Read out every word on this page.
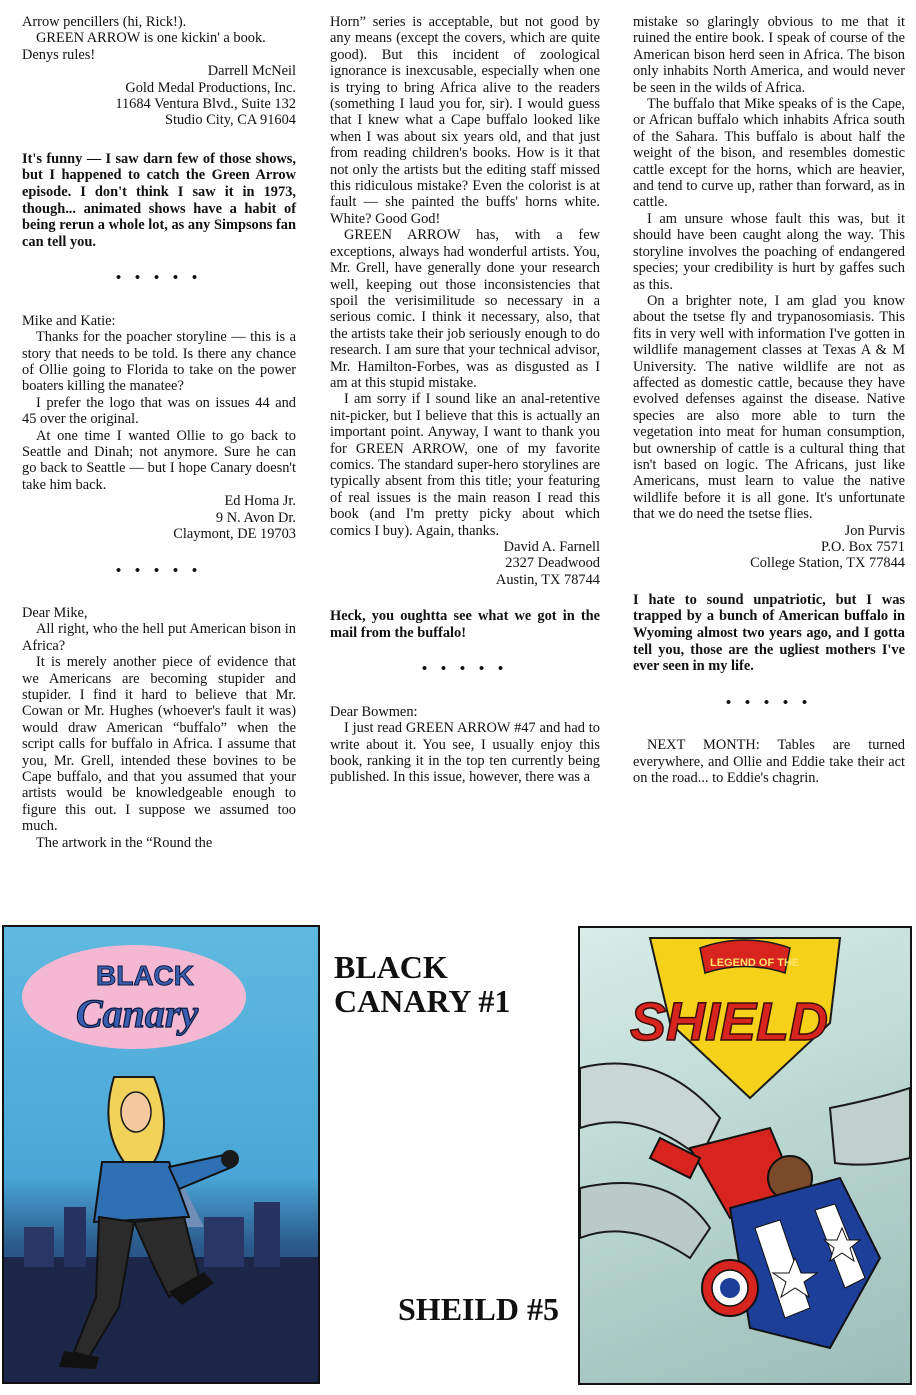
Arrow pencillers (hi, Rick!).

GREEN ARROW is one kickin' a book. Denys rules!

Darrell McNeil
Gold Medal Productions, Inc.
11684 Ventura Blvd., Suite 132
Studio City, CA 91604

It's funny — I saw darn few of those shows, but I happened to catch the Green Arrow episode. I don't think I saw it in 1973, though... animated shows have a habit of being rerun a whole lot, as any Simpsons fan can tell you.

• • • • •

Mike and Katie:

Thanks for the poacher storyline — this is a story that needs to be told. Is there any chance of Ollie going to Florida to take on the power boaters killing the manatee?

I prefer the logo that was on issues 44 and 45 over the original.

At one time I wanted Ollie to go back to Seattle and Dinah; not anymore. Sure he can go back to Seattle — but I hope Canary doesn't take him back.

Ed Homa Jr.
9 N. Avon Dr.
Claymont, DE 19703
• • • • •

Dear Mike,

All right, who the hell put American bison in Africa?

It is merely another piece of evidence that we Americans are becoming stupider and stupider. I find it hard to believe that Mr. Cowan or Mr. Hughes (whoever's fault it was) would draw American “buffalo” when the script calls for buffalo in Africa. I assume that you, Mr. Grell, intended these bovines to be Cape buffalo, and that you assumed that your artists would be knowledgeable enough to figure this out. I suppose we assumed too much.

The artwork in the “Round the

Horn” series is acceptable, but not good by any means (except the covers, which are quite good). But this incident of zoological ignorance is inexcusable, especially when one is trying to bring Africa alive to the readers (something I laud you for, sir). I would guess that I knew what a Cape buffalo looked like when I was about six years old, and that just from reading children's books. How is it that not only the artists but the editing staff missed this ridiculous mistake? Even the colorist is at fault — she painted the buffs' horns white. White? Good God!

GREEN ARROW has, with a few exceptions, always had wonderful artists. You, Mr. Grell, have generally done your research well, keeping out those inconsistencies that spoil the verisimilitude so necessary in a serious comic. I think it necessary, also, that the artists take their job seriously enough to do research. I am sure that your technical advisor, Mr. Hamilton-Forbes, was as disgusted as I am at this stupid mistake.

I am sorry if I sound like an anal-retentive nit-picker, but I believe that this is actually an important point. Anyway, I want to thank you for GREEN ARROW, one of my favorite comics. The standard super-hero storylines are typically absent from this title; your featuring of real issues is the main reason I read this book (and I'm pretty picky about which comics I buy). Again, thanks.

David A. Farnell
2327 Deadwood
Austin, TX 78744

Heck, you oughtta see what we got in the mail from the buffalo!

• • • • •

Dear Bowmen:

I just read GREEN ARROW #47 and had to write about it. You see, I usually enjoy this book, ranking it in the top ten currently being published. In this issue, however, there was a

mistake so glaringly obvious to me that it ruined the entire book. I speak of course of the American bison herd seen in Africa. The bison only inhabits North America, and would never be seen in the wilds of Africa.

The buffalo that Mike speaks of is the Cape, or African buffalo which inhabits Africa south of the Sahara. This buffalo is about half the weight of the bison, and resembles domestic cattle except for the horns, which are heavier, and tend to curve up, rather than forward, as in cattle.

I am unsure whose fault this was, but it should have been caught along the way. This storyline involves the poaching of endangered species; your credibility is hurt by gaffes such as this.

On a brighter note, I am glad you know about the tsetse fly and trypanosomiasis. This fits in very well with information I've gotten in wildlife management classes at Texas A & M University. The native wildlife are not as affected as domestic cattle, because they have evolved defenses against the disease. Native species are also more able to turn the vegetation into meat for human consumption, but ownership of cattle is a cultural thing that isn't based on logic. The Africans, just like Americans, must learn to value the native wildlife before it is all gone. It's unfortunate that we do need the tsetse flies.

Jon Purvis
P.O. Box 7571
College Station, TX 77844

I hate to sound unpatriotic, but I was trapped by a bunch of American buffalo in Wyoming almost two years ago, and I gotta tell you, those are the ugliest mothers I've ever seen in my life.

• • • • •

NEXT MONTH: Tables are turned everywhere, and Ollie and Eddie take their act on the road... to Eddie's chagrin.

BLACK
Canary
BLACK CANARY #1
LEGEND OF THE
SHIELD
SHEILD #5
